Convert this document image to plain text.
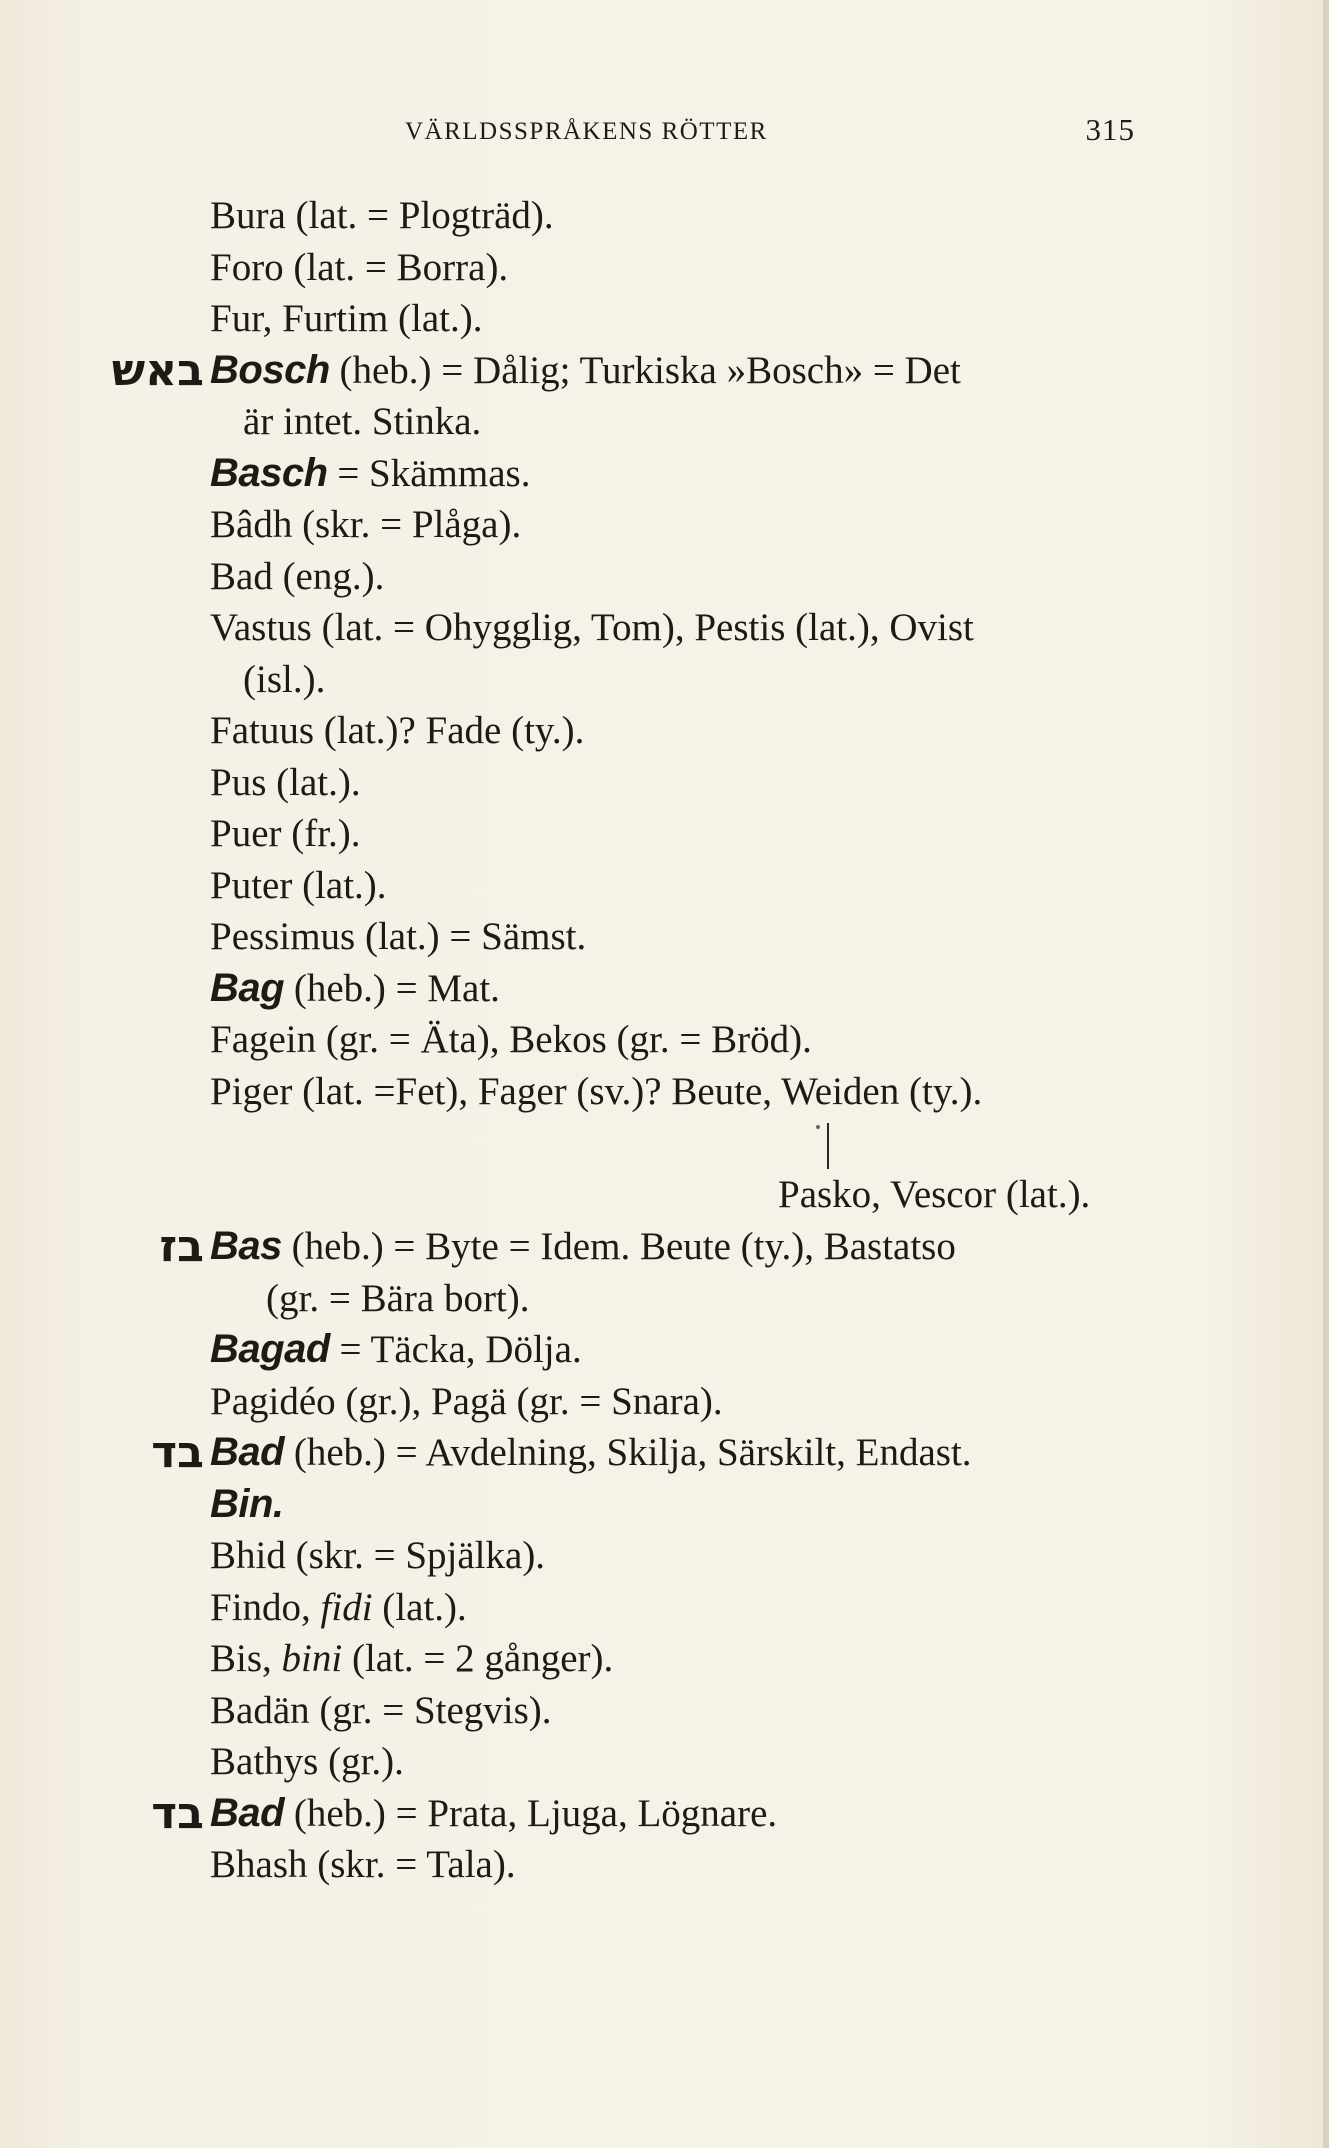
VÄRLDSSPRÅKENS RÖTTER	315
Bura (lat. = Plogträd).
Foro (lat. = Borra).
Fur, Furtim (lat.).
באש Bosch (heb.) = Dålig; Turkiska »Bosch» = Det
är intet. Stinka.
Basch = Skämmas.
Bâdh (skr. = Plåga).
Bad (eng.).
Vastus (lat. = Ohygglig, Tom), Pestis (lat.), Ovist
(isl.).
Fatuus (lat.)? Fade (ty.).
Pus (lat.).
Puer (fr.).
Puter (lat.).
Pessimus (lat.) = Sämst.
Bag (heb.) = Mat.
Fagein (gr. = Äta), Bekos (gr. = Bröd).
Piger (lat. =Fet), Fager (sv.)? Beute, Weiden (ty.).
Pasko, Vescor (lat.).
בז Bas (heb.) = Byte = Idem. Beute (ty.), Bastatso
(gr. = Bära bort).
Bagad = Täcka, Dölja.
Pagidéo (gr.), Pagä (gr. = Snara).
בד Bad (heb.) = Avdelning, Skilja, Särskilt, Endast.
Bin.
Bhid (skr. = Spjälka).
Findo, fidi (lat.).
Bis, bini (lat. = 2 gånger).
Badän (gr. = Stegvis).
Bathys (gr.).
בד Bad (heb.) = Prata, Ljuga, Lögnare.
Bhash (skr. = Tala).
